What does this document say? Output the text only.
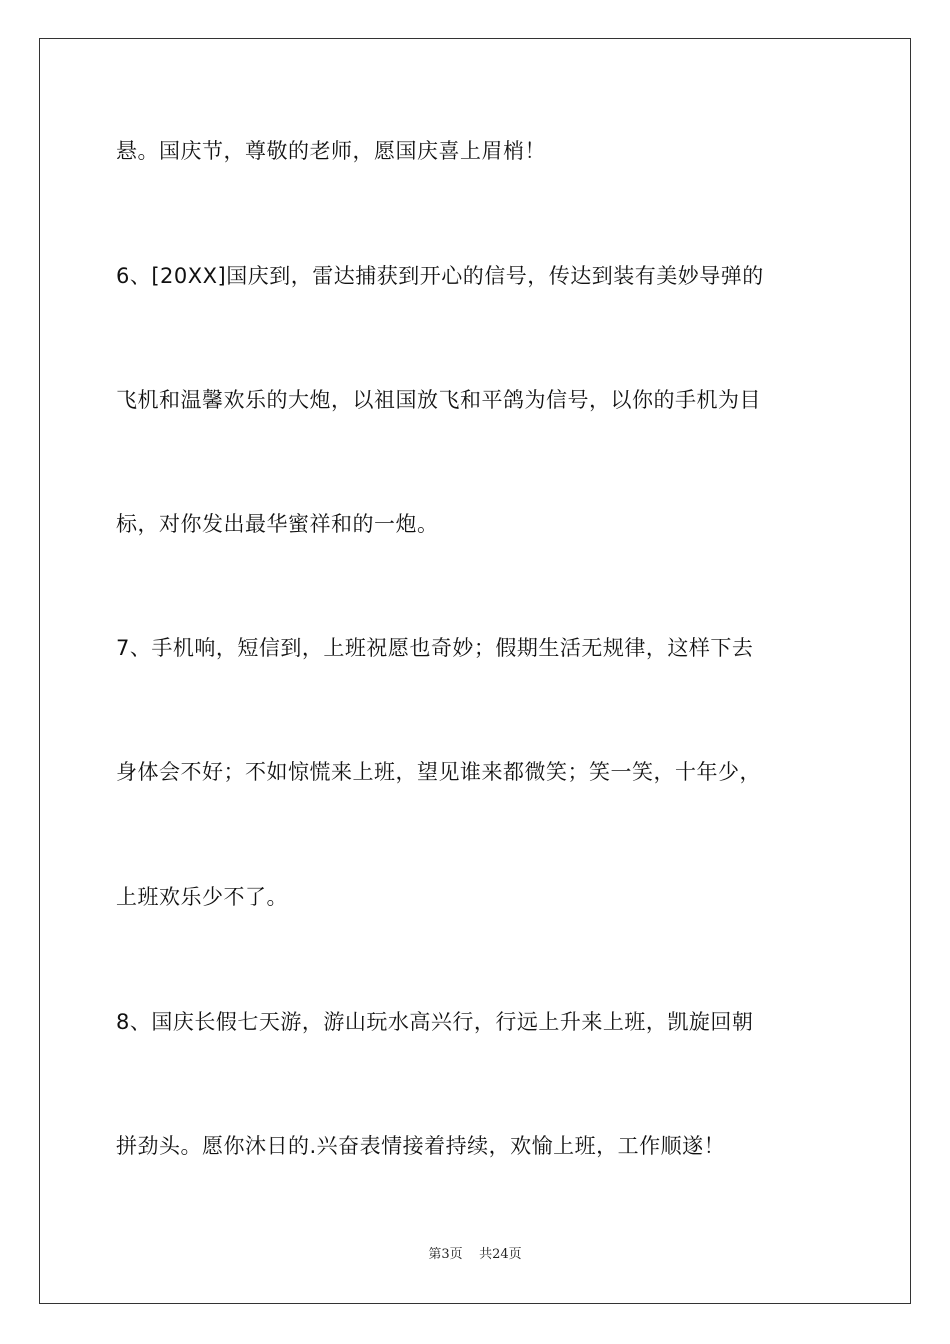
悬。国庆节，尊敬的老师，愿国庆喜上眉梢！
6、[20XX]国庆到，雷达捕获到开心的信号，传达到装有美妙导弹的
飞机和温馨欢乐的大炮，以祖国放飞和平鸽为信号，以你的手机为目
标，对你发出最华蜜祥和的一炮。
7、手机响，短信到，上班祝愿也奇妙；假期生活无规律，这样下去
身体会不好；不如惊慌来上班，望见谁来都微笑；笑一笑，十年少，
上班欢乐少不了。
8、国庆长假七天游，游山玩水高兴行，行远上升来上班，凯旋回朝
拼劲头。愿你沐日的.兴奋表情接着持续，欢愉上班，工作顺遂！
第3页 共24页
